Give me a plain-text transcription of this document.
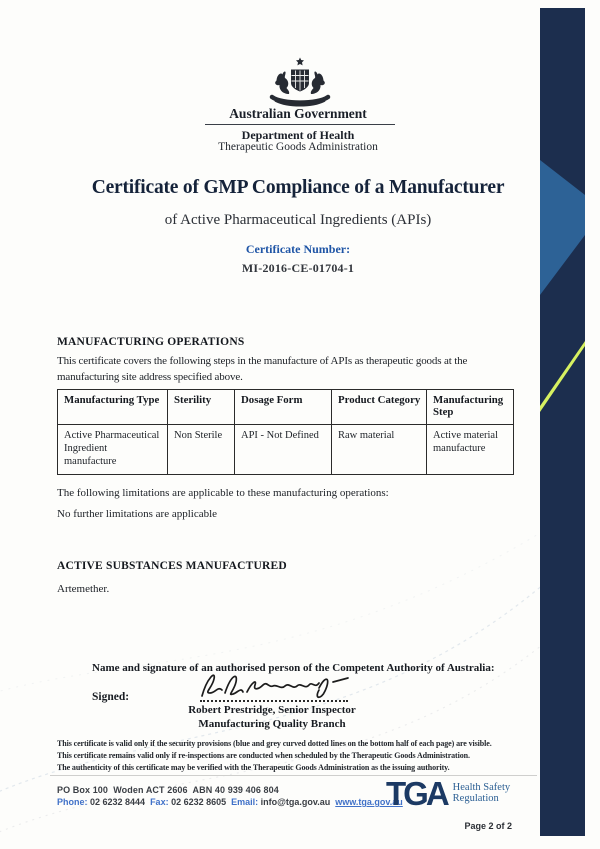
Australian Government
Department of Health
Therapeutic Goods Administration
Certificate of GMP Compliance of a Manufacturer
of Active Pharmaceutical Ingredients (APIs)
Certificate Number:
MI-2016-CE-01704-1
MANUFACTURING OPERATIONS
This certificate covers the following steps in the manufacture of APIs as therapeutic goods at the manufacturing site address specified above.
Manufacturing Type	Sterility	Dosage Form	Product Category	Manufacturing Step
Active Pharmaceutical Ingredient manufacture	Non Sterile	API - Not Defined	Raw material	Active material manufacture
The following limitations are applicable to these manufacturing operations:
No further limitations are applicable
ACTIVE SUBSTANCES MANUFACTURED
Artemether.
Name and signature of an authorised person of the Competent Authority of Australia:
Signed:
Robert Prestridge, Senior Inspector
Manufacturing Quality Branch
This certificate is valid only if the security provisions (blue and grey curved dotted lines on the bottom half of each page) are visible.
This certificate remains valid only if re-inspections are conducted when scheduled by the Therapeutic Goods Administration.
The authenticity of this certificate may be verified with the Therapeutic Goods Administration as the issuing authority.
PO Box 100  Woden ACT 2606  ABN 40 939 406 804
Phone: 02 6232 8444  Fax: 02 6232 8605  Email: info@tga.gov.au  www.tga.gov.au
TGA Health Safety
Regulation
Page 2 of 2
